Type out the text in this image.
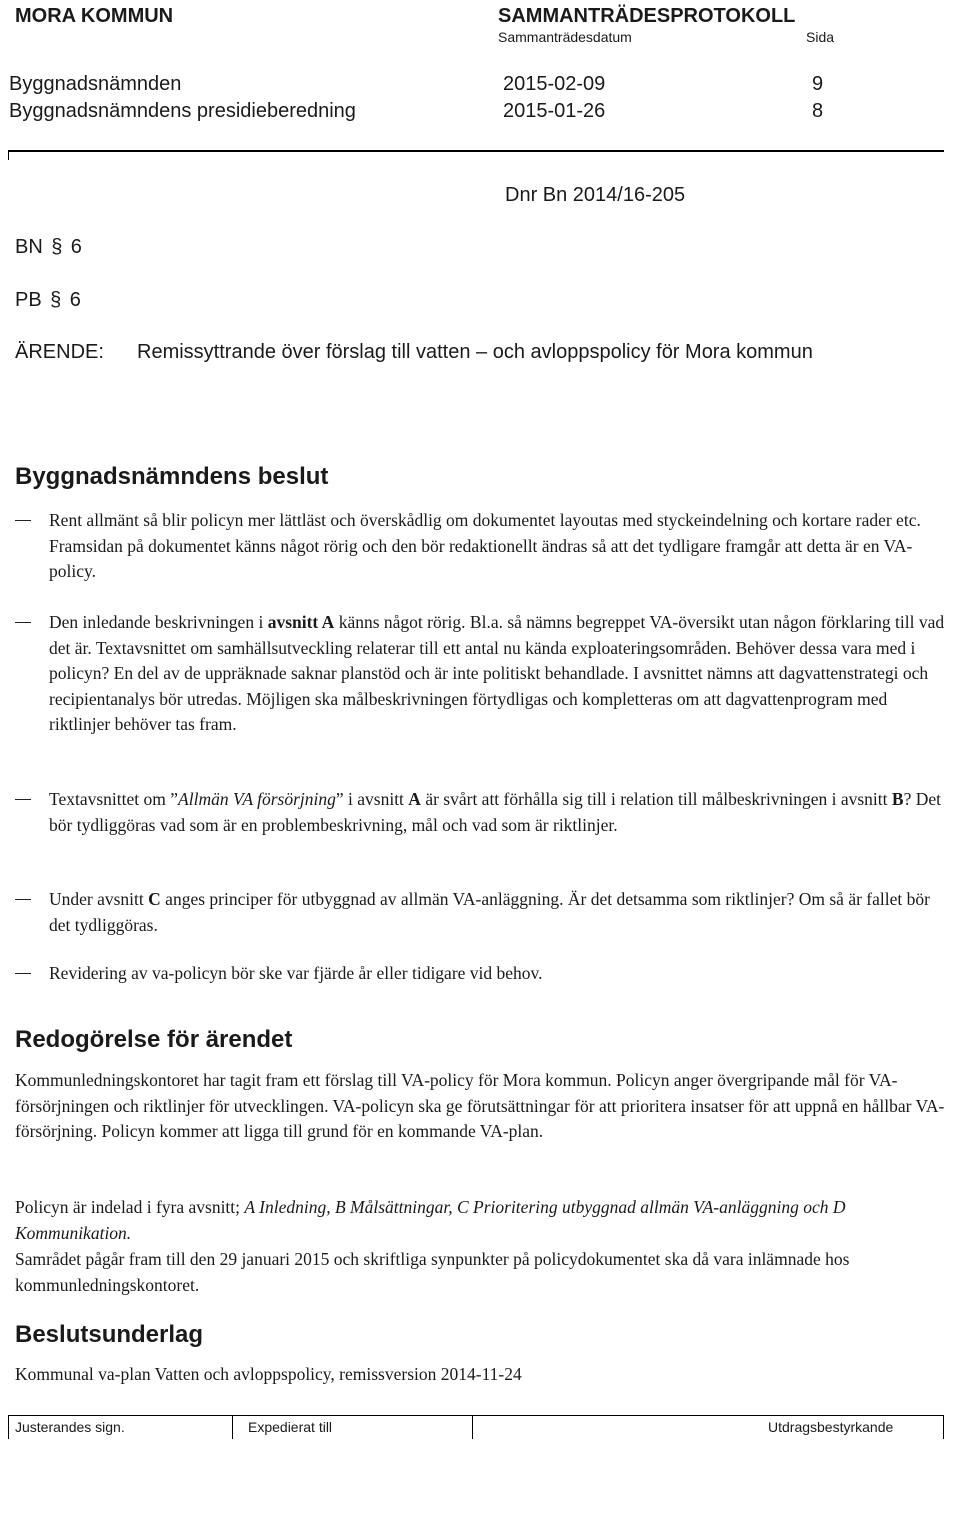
MORA KOMMUN	SAMMANTRÄDESPROTOKOLL
Sammanträdesdatum	Sida
Byggnadsnämnden	2015-02-09	9
Byggnadsnämndens presidieberedning	2015-01-26	8
Dnr Bn 2014/16-205
BN § 6
PB § 6
ÄRENDE: Remissyttrande över förslag till vatten – och avloppspolicy för Mora kommun
Byggnadsnämndens beslut
Rent allmänt så blir policyn mer lättläst och överskådlig om dokumentet layoutas med styckeindelning och kortare rader etc. Framsidan på dokumentet känns något rörig och den bör redaktionellt ändras så att det tydligare framgår att detta är en VA-policy.
Den inledande beskrivningen i avsnitt A känns något rörig. Bl.a. så nämns begreppet VA-översikt utan någon förklaring till vad det är. Textavsnittet om samhällsutveckling relaterar till ett antal nu kända exploateringsområden. Behöver dessa vara med i policyn? En del av de uppräknade saknar planstöd och är inte politiskt behandlade. I avsnittet nämns att dagvattenstrategi och recipientanalys bör utredas. Möjligen ska målbeskrivningen förtydligas och kompletteras om att dagvattenprogram med riktlinjer behöver tas fram.
Textavsnittet om ”Allmän VA försörjning” i avsnitt A är svårt att förhålla sig till i relation till målbeskrivningen i avsnitt B? Det bör tydliggöras vad som är en problembeskrivning, mål och vad som är riktlinjer.
Under avsnitt C anges principer för utbyggnad av allmän VA-anläggning. Är det detsamma som riktlinjer? Om så är fallet bör det tydliggöras.
Revidering av va-policyn bör ske var fjärde år eller tidigare vid behov.
Redogörelse för ärendet
Kommunledningskontoret har tagit fram ett förslag till VA-policy för Mora kommun. Policyn anger övergripande mål för VA-försörjningen och riktlinjer för utvecklingen. VA-policyn ska ge förutsättningar för att prioritera insatser för att uppnå en hållbar VA-försörjning. Policyn kommer att ligga till grund för en kommande VA-plan.
Policyn är indelad i fyra avsnitt; A Inledning, B Målsättningar, C Prioritering utbyggnad allmän VA-anläggning och D Kommunikation.
Samrådet pågår fram till den 29 januari 2015 och skriftliga synpunkter på policydokumentet ska då vara inlämnade hos kommunledningskontoret.
Beslutsunderlag
Kommunal va-plan Vatten och avloppspolicy, remissversion 2014-11-24
Justerandes sign.	Expedierat till	Utdragsbestyrkande
